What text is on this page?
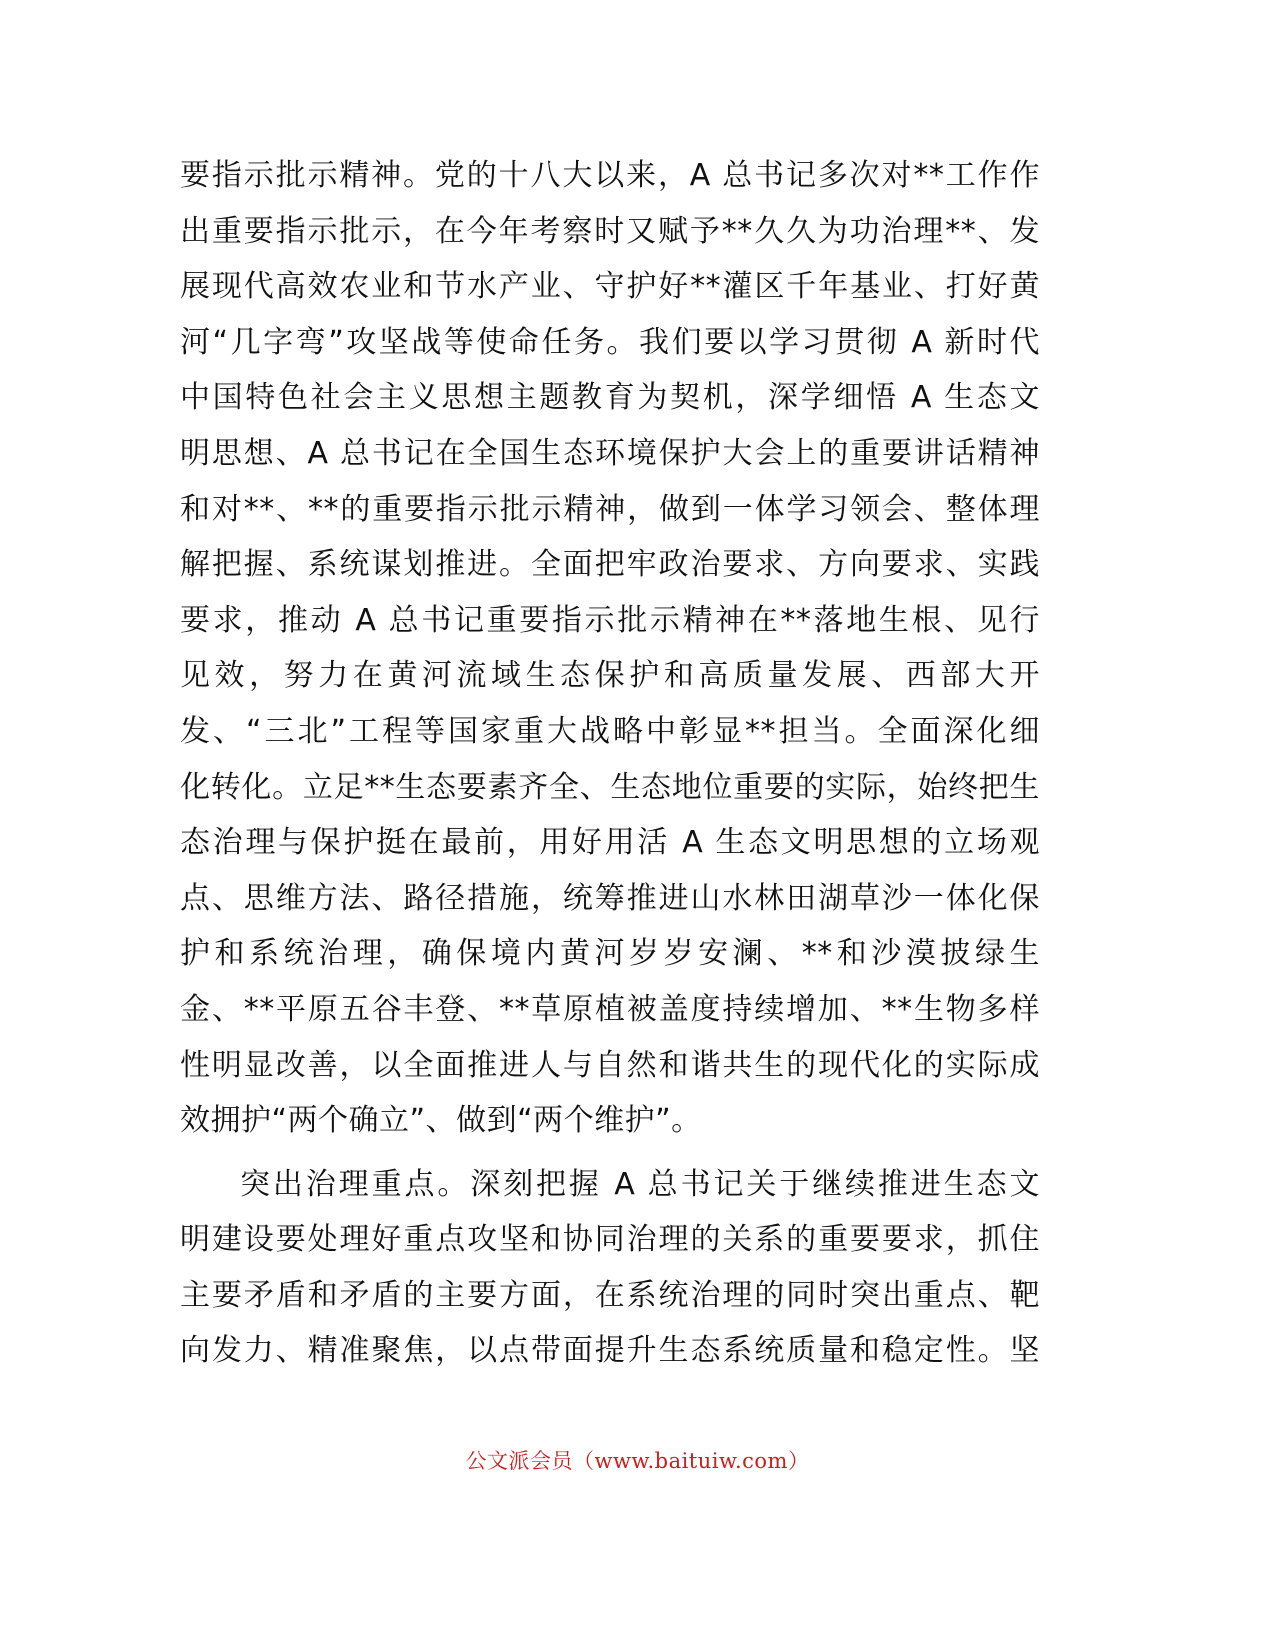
要指示批示精神。党的十八大以来，A 总书记多次对**工作作
出重要指示批示，在今年考察时又赋予**久久为功治理**、发
展现代高效农业和节水产业、守护好**灌区千年基业、打好黄
河“几字弯”攻坚战等使命任务。我们要以学习贯彻 A 新时代
中国特色社会主义思想主题教育为契机，深学细悟 A 生态文
明思想、A 总书记在全国生态环境保护大会上的重要讲话精神
和对**、**的重要指示批示精神，做到一体学习领会、整体理
解把握、系统谋划推进。全面把牢政治要求、方向要求、实践
要求，推动 A 总书记重要指示批示精神在**落地生根、见行
见效，努力在黄河流域生态保护和高质量发展、西部大开
发、“三北”工程等国家重大战略中彰显**担当。全面深化细
化转化。立足**生态要素齐全、生态地位重要的实际，始终把生
态治理与保护挺在最前，用好用活 A 生态文明思想的立场观
点、思维方法、路径措施，统筹推进山水林田湖草沙一体化保
护和系统治理，确保境内黄河岁岁安澜、**和沙漠披绿生
金、**平原五谷丰登、**草原植被盖度持续增加、**生物多样
性明显改善，以全面推进人与自然和谐共生的现代化的实际成
效拥护“两个确立”、做到“两个维护”。
突出治理重点。深刻把握 A 总书记关于继续推进生态文
明建设要处理好重点攻坚和协同治理的关系的重要要求，抓住
主要矛盾和矛盾的主要方面，在系统治理的同时突出重点、靶
向发力、精准聚焦，以点带面提升生态系统质量和稳定性。坚
公文派会员（www.baituiw.com）
